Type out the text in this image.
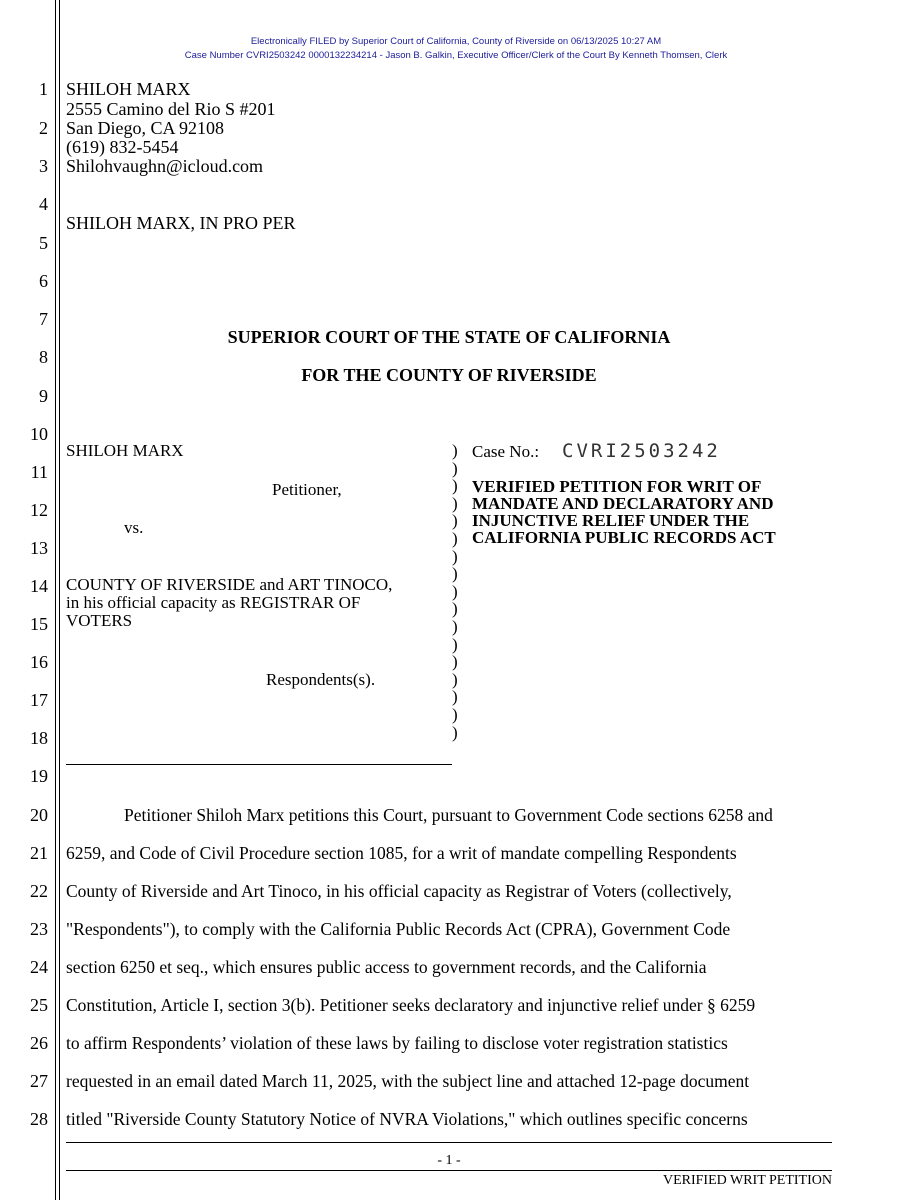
Electronically FILED by Superior Court of California, County of Riverside on 06/13/2025 10:27 AM
Case Number CVRI2503242 0000132234214 - Jason B. Galkin, Executive Officer/Clerk of the Court By Kenneth Thomsen, Clerk
1
2
3
4
5
6
7
8
9
10
11
12
13
14
15
16
17
18
19
20
21
22
23
24
25
26
27
28
SHILOH MARX
2555 Camino del Rio S #201
San Diego, CA 92108
(619) 832-5454
Shilohvaughn@icloud.com
SHILOH MARX, IN PRO PER
SUPERIOR COURT OF THE STATE OF CALIFORNIA
FOR THE COUNTY OF RIVERSIDE
SHILOH MARX
Petitioner,
vs.
COUNTY OF RIVERSIDE and ART TINOCO,
in his official capacity as REGISTRAR OF
VOTERS
Respondents(s).
)
)
)
)
)
)
)
)
)
)
)
)
)
)
)
)
)
Case No.: CVRI2503242
VERIFIED PETITION FOR WRIT OF
MANDATE AND DECLARATORY AND
INJUNCTIVE RELIEF UNDER THE
CALIFORNIA PUBLIC RECORDS ACT
Petitioner Shiloh Marx petitions this Court, pursuant to Government Code sections 6258 and
6259, and Code of Civil Procedure section 1085, for a writ of mandate compelling Respondents
County of Riverside and Art Tinoco, in his official capacity as Registrar of Voters (collectively,
"Respondents"), to comply with the California Public Records Act (CPRA), Government Code
section 6250 et seq., which ensures public access to government records, and the California
Constitution, Article I, section 3(b). Petitioner seeks declaratory and injunctive relief under § 6259
to affirm Respondents’ violation of these laws by failing to disclose voter registration statistics
requested in an email dated March 11, 2025, with the subject line and attached 12-page document
titled "Riverside County Statutory Notice of NVRA Violations," which outlines specific concerns
- 1 -
VERIFIED WRIT PETITION
